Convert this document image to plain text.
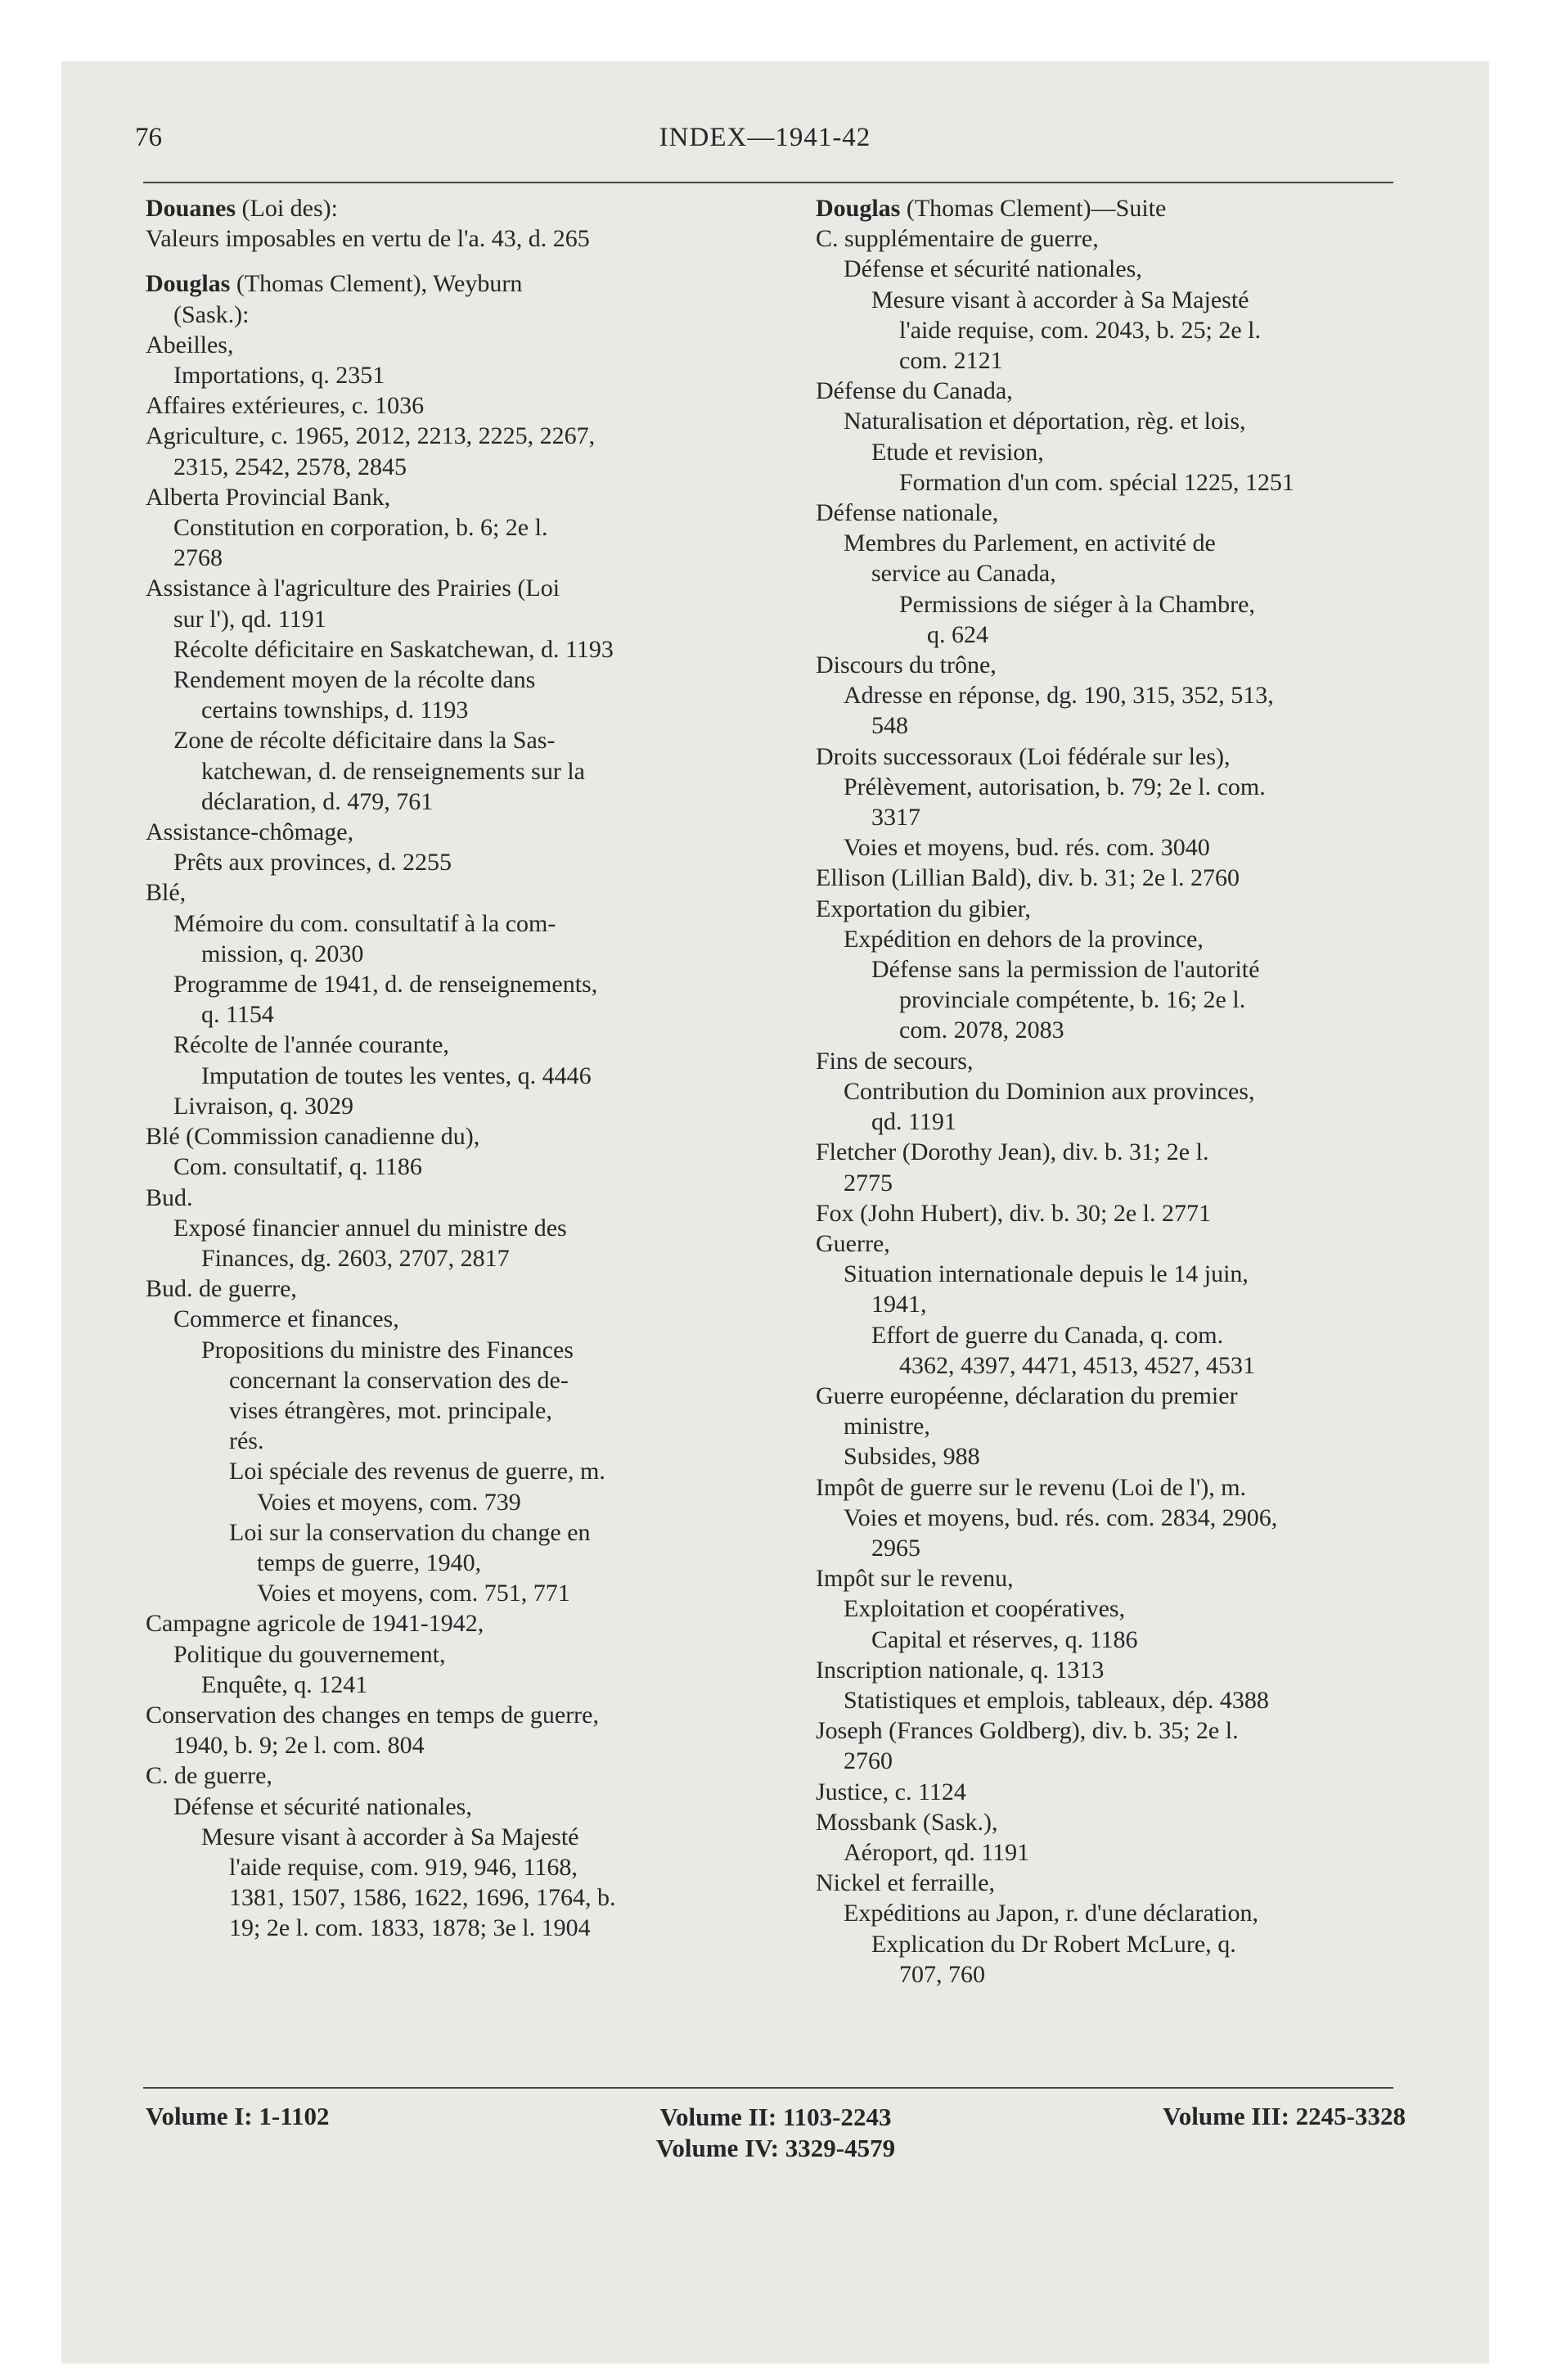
76	INDEX—1941-42
Douanes (Loi des):
Valeurs imposables en vertu de l'a. 43, d. 265
Douglas (Thomas Clement), Weyburn
(Sask.):
Abeilles,
Importations, q. 2351
Affaires extérieures, c. 1036
Agriculture, c. 1965, 2012, 2213, 2225, 2267,
2315, 2542, 2578, 2845
Alberta Provincial Bank,
Constitution en corporation, b. 6; 2e l.
2768
Assistance à l'agriculture des Prairies (Loi
sur l'), qd. 1191
Récolte déficitaire en Saskatchewan, d. 1193
Rendement moyen de la récolte dans
certains townships, d. 1193
Zone de récolte déficitaire dans la Sas-
katchewan, d. de renseignements sur la
déclaration, d. 479, 761
Assistance-chômage,
Prêts aux provinces, d. 2255
Blé,
Mémoire du com. consultatif à la com-
mission, q. 2030
Programme de 1941, d. de renseignements,
q. 1154
Récolte de l'année courante,
Imputation de toutes les ventes, q. 4446
Livraison, q. 3029
Blé (Commission canadienne du),
Com. consultatif, q. 1186
Bud.
Exposé financier annuel du ministre des
Finances, dg. 2603, 2707, 2817
Bud. de guerre,
Commerce et finances,
Propositions du ministre des Finances
concernant la conservation des de-
vises étrangères, mot. principale,
rés.
Loi spéciale des revenus de guerre, m.
Voies et moyens, com. 739
Loi sur la conservation du change en
temps de guerre, 1940,
Voies et moyens, com. 751, 771
Campagne agricole de 1941-1942,
Politique du gouvernement,
Enquête, q. 1241
Conservation des changes en temps de guerre,
1940, b. 9; 2e l. com. 804
C. de guerre,
Défense et sécurité nationales,
Mesure visant à accorder à Sa Majesté
l'aide requise, com. 919, 946, 1168,
1381, 1507, 1586, 1622, 1696, 1764, b.
19; 2e l. com. 1833, 1878; 3e l. 1904
Douglas (Thomas Clement)—Suite
C. supplémentaire de guerre,
Défense et sécurité nationales,
Mesure visant à accorder à Sa Majesté
l'aide requise, com. 2043, b. 25; 2e l.
com. 2121
Défense du Canada,
Naturalisation et déportation, règ. et lois,
Etude et revision,
Formation d'un com. spécial 1225, 1251
Défense nationale,
Membres du Parlement, en activité de
service au Canada,
Permissions de siéger à la Chambre,
q. 624
Discours du trône,
Adresse en réponse, dg. 190, 315, 352, 513,
548
Droits successoraux (Loi fédérale sur les),
Prélèvement, autorisation, b. 79; 2e l. com.
3317
Voies et moyens, bud. rés. com. 3040
Ellison (Lillian Bald), div. b. 31; 2e l. 2760
Exportation du gibier,
Expédition en dehors de la province,
Défense sans la permission de l'autorité
provinciale compétente, b. 16; 2e l.
com. 2078, 2083
Fins de secours,
Contribution du Dominion aux provinces,
qd. 1191
Fletcher (Dorothy Jean), div. b. 31; 2e l.
2775
Fox (John Hubert), div. b. 30; 2e l. 2771
Guerre,
Situation internationale depuis le 14 juin,
1941,
Effort de guerre du Canada, q. com.
4362, 4397, 4471, 4513, 4527, 4531
Guerre européenne, déclaration du premier
ministre,
Subsides, 988
Impôt de guerre sur le revenu (Loi de l'), m.
Voies et moyens, bud. rés. com. 2834, 2906,
2965
Impôt sur le revenu,
Exploitation et coopératives,
Capital et réserves, q. 1186
Inscription nationale, q. 1313
Statistiques et emplois, tableaux, dép. 4388
Joseph (Frances Goldberg), div. b. 35; 2e l.
2760
Justice, c. 1124
Mossbank (Sask.),
Aéroport, qd. 1191
Nickel et ferraille,
Expéditions au Japon, r. d'une déclaration,
Explication du Dr Robert McLure, q.
707, 760
Volume I: 1-1102	Volume II: 1103-2243
Volume IV: 3329-4579
Volume III: 2245-3328
